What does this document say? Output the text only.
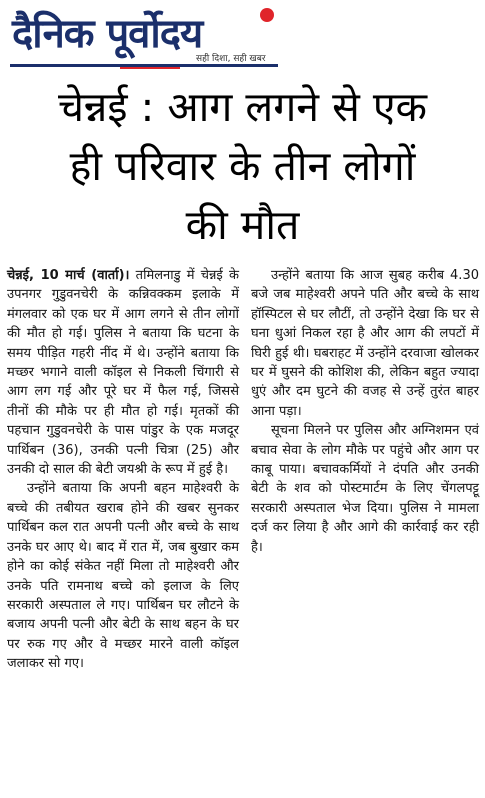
दैनिक पूर्वोदय
सही दिशा, सही खबर
चेन्नई : आग लगने से एक
ही परिवार के तीन लोगों
की मौत

चेन्नई, 10 मार्च (वार्ता)। तमिलनाडु में चेन्नई के उपनगर गुडुवनचेरी के कन्निवक्कम इलाके में मंगलवार को एक घर में आग लगने से तीन लोगों की मौत हो गई। पुलिस ने बताया कि घटना के समय पीड़ित गहरी नींद में थे। उन्होंने बताया कि मच्छर भगाने वाली कॉइल से निकली चिंगारी से आग लग गई और पूरे घर में फैल गई, जिससे तीनों की मौके पर ही मौत हो गई। मृतकों की पहचान गुडुवनचेरी के पास पांडुर के एक मजदूर पार्थिबन (36), उनकी पत्नी चित्रा (25) और उनकी दो साल की बेटी जयश्री के रूप में हुई है।

उन्होंने बताया कि अपनी बहन माहेश्वरी के बच्चे की तबीयत खराब होने की खबर सुनकर पार्थिबन कल रात अपनी पत्नी और बच्चे के साथ उनके घर आए थे। बाद में रात में, जब बुखार कम होने का कोई संकेत नहीं मिला तो माहेश्वरी और उनके पति रामनाथ बच्चे को इलाज के लिए सरकारी अस्पताल ले गए। पार्थिबन घर लौटने के बजाय अपनी पत्नी और बेटी के साथ बहन के घर पर रुक गए और वे मच्छर मारने वाली कॉइल जलाकर सो गए।

उन्होंने बताया कि आज सुबह करीब 4.30 बजे जब माहेश्वरी अपने पति और बच्चे के साथ हॉस्पिटल से घर लौटीं, तो उन्होंने देखा कि घर से घना धुआं निकल रहा है और आग की लपटों में घिरी हुई थी। घबराहट में उन्होंने दरवाजा खोलकर घर में घुसने की कोशिश की, लेकिन बहुत ज्यादा धुएं और दम घुटने की वजह से उन्हें तुरंत बाहर आना पड़ा।

सूचना मिलने पर पुलिस और अग्निशमन एवं बचाव सेवा के लोग मौके पर पहुंचे और आग पर काबू पाया। बचावकर्मियों ने दंपति और उनकी बेटी के शव को पोस्टमार्टम के लिए चेंगलपट्टू सरकारी अस्पताल भेज दिया। पुलिस ने मामला दर्ज कर लिया है और आगे की कार्रवाई कर रही है।
